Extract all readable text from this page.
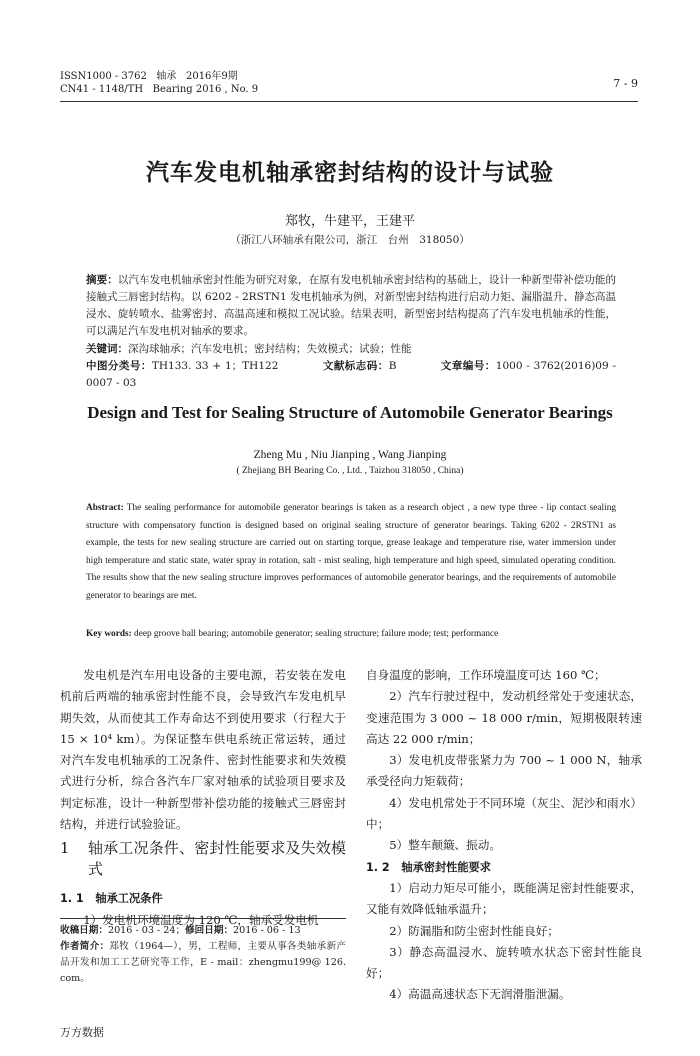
ISSN1000 - 3762 轴承 2016年9期
CN41 - 1148/TH Bearing 2016 , No. 9	7 - 9
汽车发电机轴承密封结构的设计与试验
郑牧，牛建平，王建平
（浙江八环轴承有限公司，浙江　台州　318050）
摘要：以汽车发电机轴承密封性能为研究对象，在原有发电机轴承密封结构的基础上，设计一种新型带补偿功能的接触式三唇密封结构。以 6202 - 2RSTN1 发电机轴承为例，对新型密封结构进行启动力矩、漏脂温升、静态高温浸水、旋转喷水、盐雾密封、高温高速和模拟工况试验。结果表明，新型密封结构提高了汽车发电机轴承的性能，可以满足汽车发电机对轴承的要求。
关键词：深沟球轴承；汽车发电机；密封结构；失效模式；试验；性能
中图分类号：TH133. 33 + 1；TH122	文献标志码：B	文章编号：1000 - 3762(2016)09 - 0007 - 03
Design and Test for Sealing Structure of Automobile Generator Bearings
Zheng Mu , Niu Jianping , Wang Jianping
( Zhejiang BH Bearing Co. , Ltd. , Taizhou 318050 , China)
Abstract: The sealing performance for automobile generator bearings is taken as a research object , a new type three - lip contact sealing structure with compensatory function is designed based on original sealing structure of generator bearings. Taking 6202 - 2RSTN1 as example, the tests for new sealing structure are carried out on starting torque, grease leakage and temperature rise, water immersion under high temperature and static state, water spray in rotation, salt - mist sealing, high temperature and high speed, simulated operating condition. The results show that the new sealing structure improves performances of automobile generator bearings, and the requirements of automobile generator to bearings are met.
Key words: deep groove ball bearing; automobile generator; sealing structure; failure mode; test; performance

发电机是汽车用电设备的主要电源，若安装在发电机前后两端的轴承密封性能不良，会导致汽车发电机早期失效，从而使其工作寿命达不到使用要求（行程大于 15 × 10⁴ km）。为保证整车供电系统正常运转，通过对汽车发电机轴承的工况条件、密封性能要求和失效模式进行分析，综合各汽车厂家对轴承的试验项目要求及判定标准，设计一种新型带补偿功能的接触式三唇密封结构，并进行试验验证。

1	轴承工况条件、密封性能要求及失效模式
1. 1 轴承工况条件

1）发电机环境温度为 120 ℃，轴承受发电机

收稿日期：2016 - 03 - 24；修回日期：2016 - 06 - 13
作者简介：郑牧（1964—），男，工程师，主要从事各类轴承新产品开发和加工工艺研究等工作，E - mail：zhengmu199@ 126. com。

自身温度的影响，工作环境温度可达 160 ℃；

2）汽车行驶过程中，发动机经常处于变速状态，变速范围为 3 000 ~ 18 000 r/min，短期极限转速高达 22 000 r/min；

3）发电机皮带张紧力为 700 ~ 1 000 N，轴承承受径向力矩载荷；

4）发电机常处于不同环境（灰尘、泥沙和雨水）中；

5）整车颠簸、振动。

1. 2 轴承密封性能要求

1）启动力矩尽可能小，既能满足密封性能要求，又能有效降低轴承温升；

2）防漏脂和防尘密封性能良好；

3）静态高温浸水、旋转喷水状态下密封性能良好；

4）高温高速状态下无润滑脂泄漏。

万方数据
